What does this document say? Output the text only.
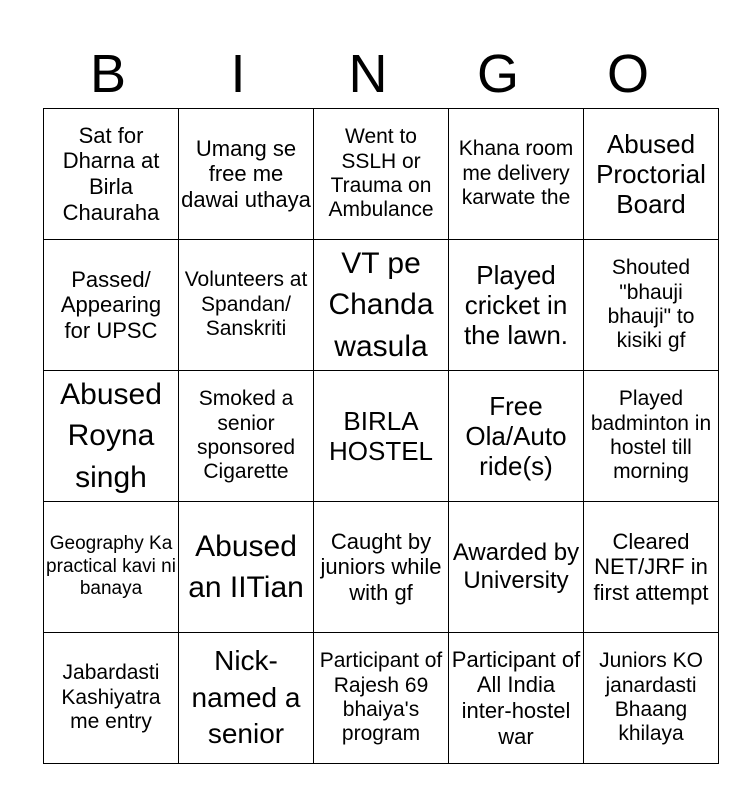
B	I	N	G	O
Sat for Dharna at Birla Chauraha	Umang se free me dawai uthaya	Went to SSLH or Trauma on Ambulance	Khana room me delivery karwate the	Abused Proctorial Board
Passed/ Appearing for UPSC	Volunteers at Spandan/ Sanskriti	VT pe Chanda wasula	Played cricket in the lawn.	Shouted "bhauji bhauji" to kisiki gf
Abused Royna singh	Smoked a senior sponsored Cigarette	BIRLA HOSTEL	Free Ola/Auto ride(s)	Played badminton in hostel till morning
Geography Ka practical kavi ni banaya	Abused an IITian	Caught by juniors while with gf	Awarded by University	Cleared NET/JRF in first attempt
Jabardasti Kashiyatra me entry	Nick-named a senior	Participant of Rajesh 69 bhaiya's program	Participant of All India inter-hostel war	Juniors KO janardasti Bhaang khilaya
